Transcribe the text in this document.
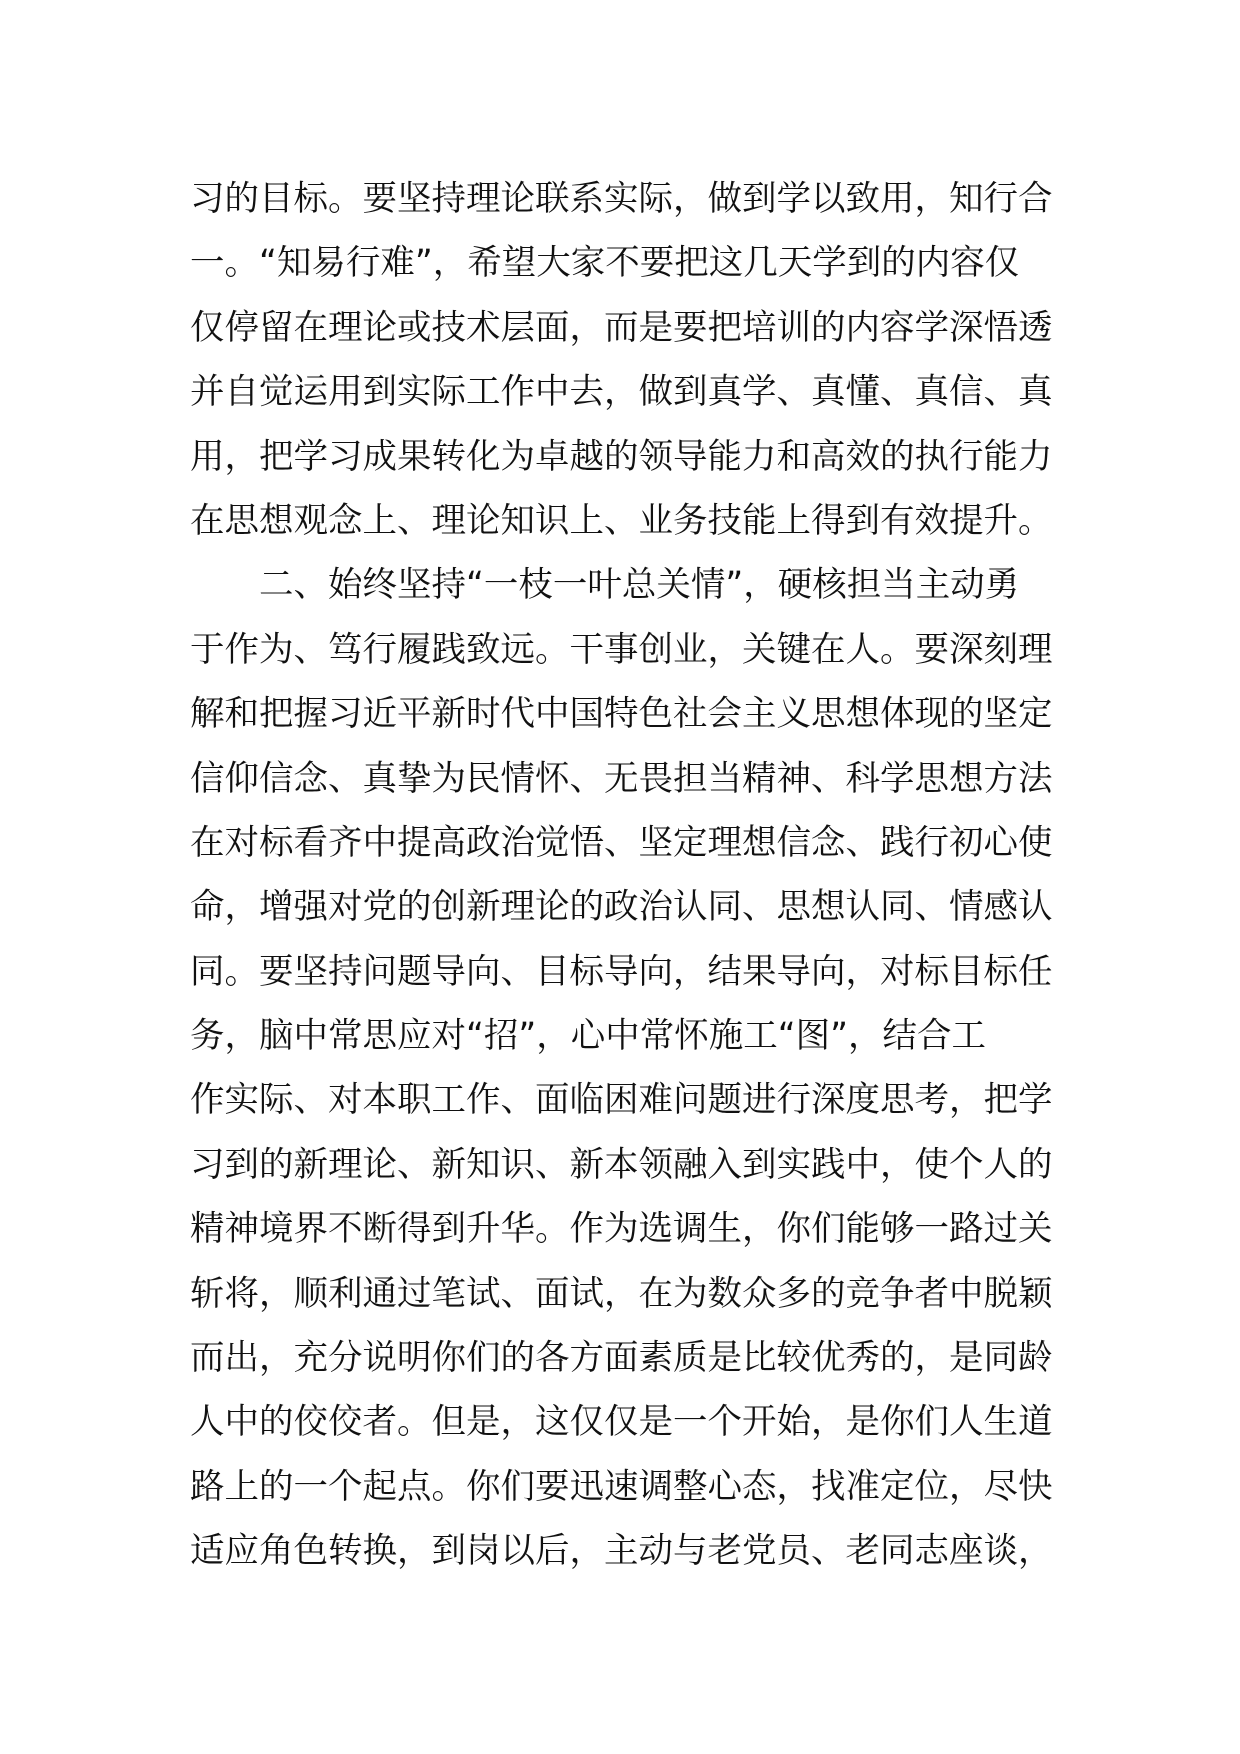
习的目标。要坚持理论联系实际，做到学以致用，知行合
一。“知易行难”，希望大家不要把这几天学到的内容仅
仅停留在理论或技术层面，而是要把培训的内容学深悟透
并自觉运用到实际工作中去，做到真学、真懂、真信、真
用，把学习成果转化为卓越的领导能力和高效的执行能力
在思想观念上、理论知识上、业务技能上得到有效提升。
　　二、始终坚持“一枝一叶总关情”，硬核担当主动勇
于作为、笃行履践致远。干事创业，关键在人。要深刻理
解和把握习近平新时代中国特色社会主义思想体现的坚定
信仰信念、真挚为民情怀、无畏担当精神、科学思想方法
在对标看齐中提高政治觉悟、坚定理想信念、践行初心使
命，增强对党的创新理论的政治认同、思想认同、情感认
同。要坚持问题导向、目标导向，结果导向，对标目标任
务，脑中常思应对“招”，心中常怀施工“图”，结合工
作实际、对本职工作、面临困难问题进行深度思考，把学
习到的新理论、新知识、新本领融入到实践中，使个人的
精神境界不断得到升华。作为选调生，你们能够一路过关
斩将，顺利通过笔试、面试，在为数众多的竞争者中脱颖
而出，充分说明你们的各方面素质是比较优秀的，是同龄
人中的佼佼者。但是，这仅仅是一个开始，是你们人生道
路上的一个起点。你们要迅速调整心态，找准定位，尽快
适应角色转换，到岗以后，主动与老党员、老同志座谈，
